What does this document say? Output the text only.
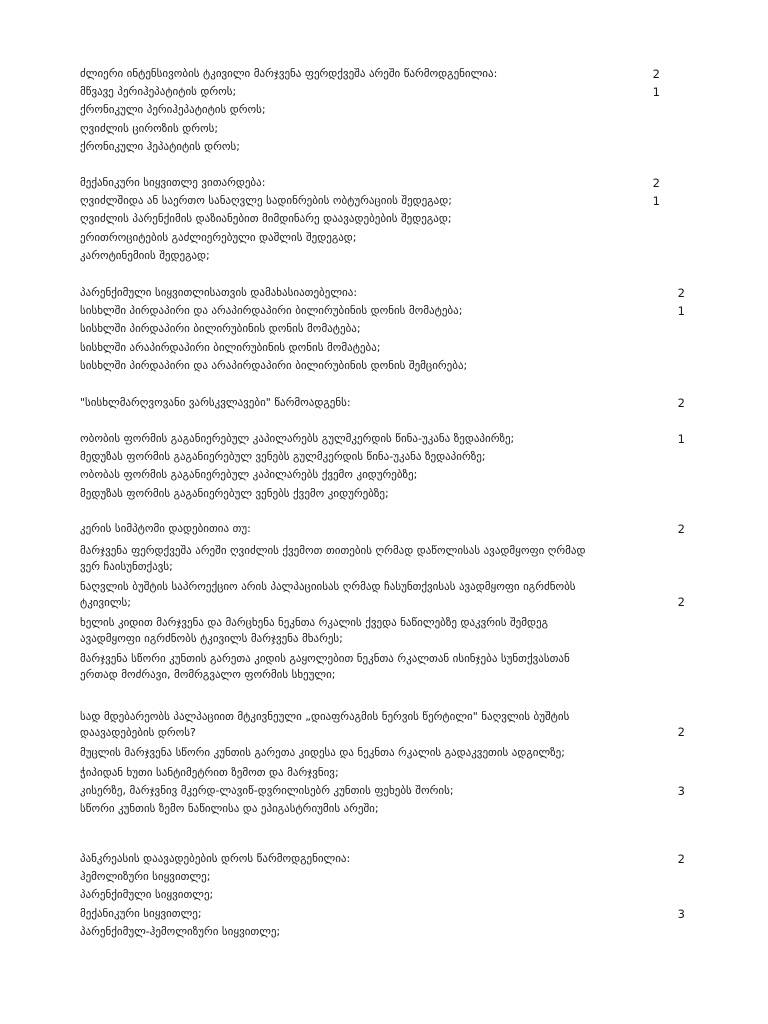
ძლიერი ინტენსივობის ტკივილი მარჯვენა ფერდქვეშა არეში წარმოდგენილია:	2
მწვავე პერიჰეპატიტის დროს;	1
ქრონიკული პერიჰეპატიტის დროს;
ღვიძლის ციროზის დროს;
ქრონიკული ჰეპატიტის დროს;
მექანიკური სიყვითლე ვითარდება:	2
ღვიძლშიდა ან საერთო სანაღვლე სადინრების ობტურაციის შედეგად;	1
ღვიძლის პარენქიმის დაზიანებით მიმდინარე დაავადებების შედეგად;
ერითროციტების გაძლიერებული დაშლის შედეგად;
კაროტინემიის შედეგად;
პარენქიმული სიყვითლისათვის დამახასიათებელია:	2
სისხლში პირდაპირი და არაპირდაპირი ბილირუბინის დონის მომატება;	1
სისხლში პირდაპირი ბილირუბინის დონის მომატება;
სისხლში არაპირდაპირი ბილირუბინის დონის მომატება;
სისხლში პირდაპირი და არაპირდაპირი ბილირუბინის დონის შემცირება;
"სისხლმარღვოვანი ვარსკვლავები" წარმოადგენს:	2
ობობის ფორმის გაგანიერებულ კაპილარებს გულმკერდის წინა-უკანა ზედაპირზე;	1
მედუზას ფორმის გაგანიერებულ ვენებს გულმკერდის წინა-უკანა ზედაპირზე;
ობობას ფორმის გაგანიერებულ კაპილარებს ქვემო კიდურებზე;
მედუზას ფორმის გაგანიერებულ ვენებს ქვემო კიდურებზე;
კერის სიმპტომი დადებითია თუ:	2
მარჯვენა ფერდქვეშა არეში ღვიძლის ქვემოთ თითების ღრმად დაწოლისას ავადმყოფი ღრმად ვერ ჩაისუნთქავს;
ნაღვლის ბუშტის საპროექციო არის პალპაციისას ღრმად ჩასუნთქვისას ავადმყოფი იგრძნობს ტკივილს;	2
ხელის კიდით მარჯვენა და მარცხენა ნეკნთა რკალის ქვედა ნაწილებზე დაკვრის შემდეგ ავადმყოფი იგრძნობს ტკივილს მარჯვენა მხარეს;
მარჯვენა სწორი კუნთის გარეთა კიდის გაყოლებით ნეკნთა რკალთან ისინჯება სუნთქვასთან ერთად მოძრავი, მომრგვალო ფორმის სხეული;
სად მდებარეობს პალპაციით მტკივნეული „დიაფრაგმის ნერვის წერტილი" ნაღვლის ბუშტის დაავადებების დროს?	2
მუცლის მარჯვენა სწორი კუნთის გარეთა კიდესა და ნეკნთა რკალის გადაკვეთის ადგილზე;
ჭიპიდან ხუთი სანტიმეტრით ზემოთ და მარჯვნივ;
კისერზე, მარჯვნივ მკერდ-ლავიწ-დვრილისებრ კუნთის ფეხებს შორის;	3
სწორი კუნთის ზემო ნაწილისა და ეპიგასტრიუმის არეში;
პანკრეასის დაავადებების დროს წარმოდგენილია:	2
ჰემოლიზური სიყვითლე;
პარენქიმული სიყვითლე;
მექანიკური სიყვითლე;	3
პარენქიმულ-ჰემოლიზური სიყვითლე;
